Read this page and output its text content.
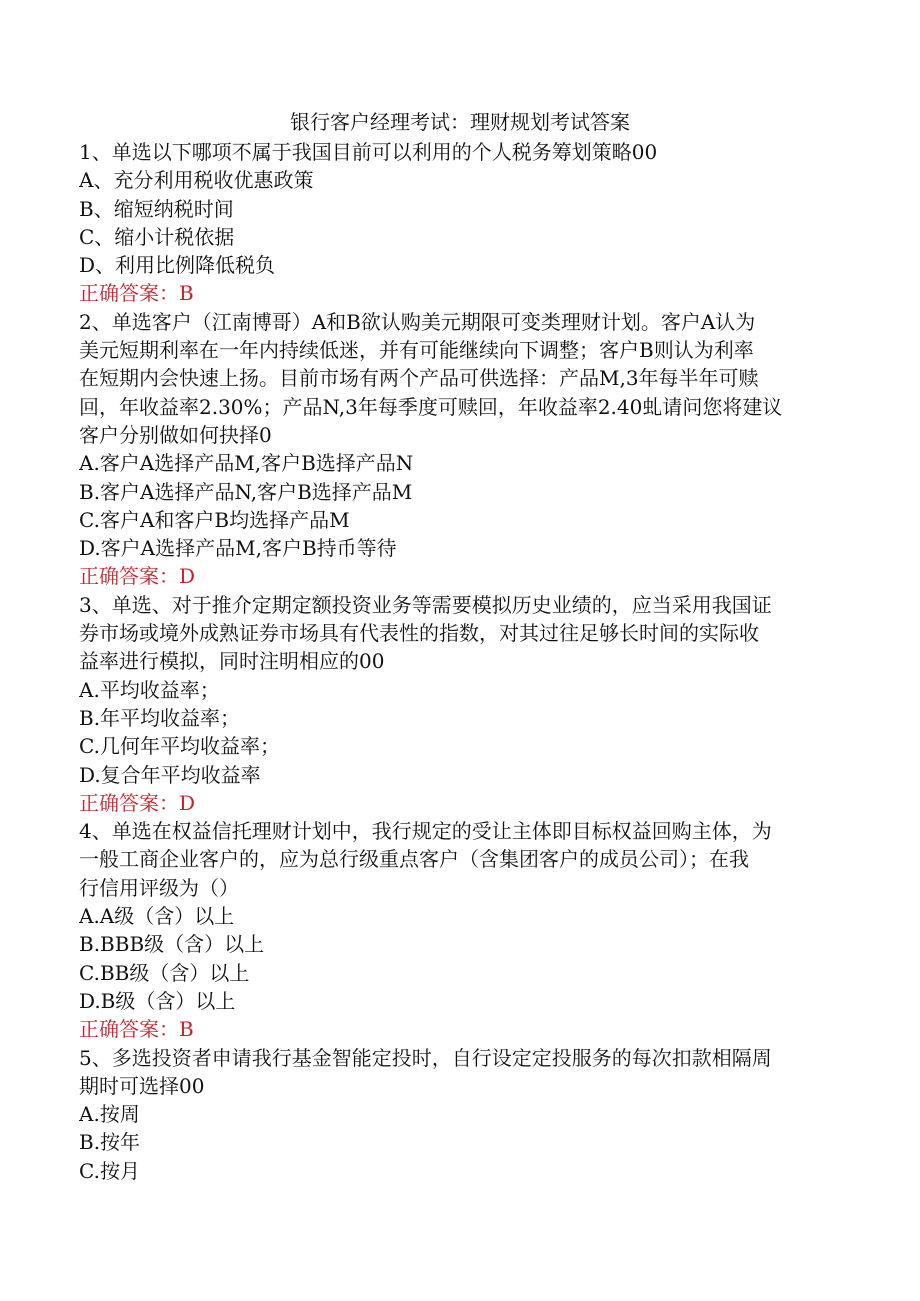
银行客户经理考试：理财规划考试答案
1、单选以下哪项不属于我国目前可以利用的个人税务筹划策略00
A、充分利用税收优惠政策
B、缩短纳税时间
C、缩小计税依据
D、利用比例降低税负
正确答案：B
2、单选客户（江南博哥）A和B欲认购美元期限可变类理财计划。客户A认为
美元短期利率在一年内持续低迷，并有可能继续向下调整；客户B则认为利率
在短期内会快速上扬。目前市场有两个产品可供选择：产品M,3年每半年可赎
回，年收益率2.30%；产品N,3年每季度可赎回，年收益率2.40虬请问您将建议
客户分别做如何抉择0
A.客户A选择产品M,客户B选择产品N
B.客户A选择产品N,客户B选择产品M
C.客户A和客户B均选择产品M
D.客户A选择产品M,客户B持币等待
正确答案：D
3、单选、对于推介定期定额投资业务等需要模拟历史业绩的，应当采用我国证
券市场或境外成熟证券市场具有代表性的指数，对其过往足够长时间的实际收
益率进行模拟，同时注明相应的00
A.平均收益率；
B.年平均收益率；
C.几何年平均收益率；
D.复合年平均收益率
正确答案：D
4、单选在权益信托理财计划中，我行规定的受让主体即目标权益回购主体，为
一般工商企业客户的，应为总行级重点客户（含集团客户的成员公司）；在我
行信用评级为（）
A.A级（含）以上
B.BBB级（含）以上
C.BB级（含）以上
D.B级（含）以上
正确答案：B
5、多选投资者申请我行基金智能定投时，自行设定定投服务的每次扣款相隔周
期时可选择00
A.按周
B.按年
C.按月
